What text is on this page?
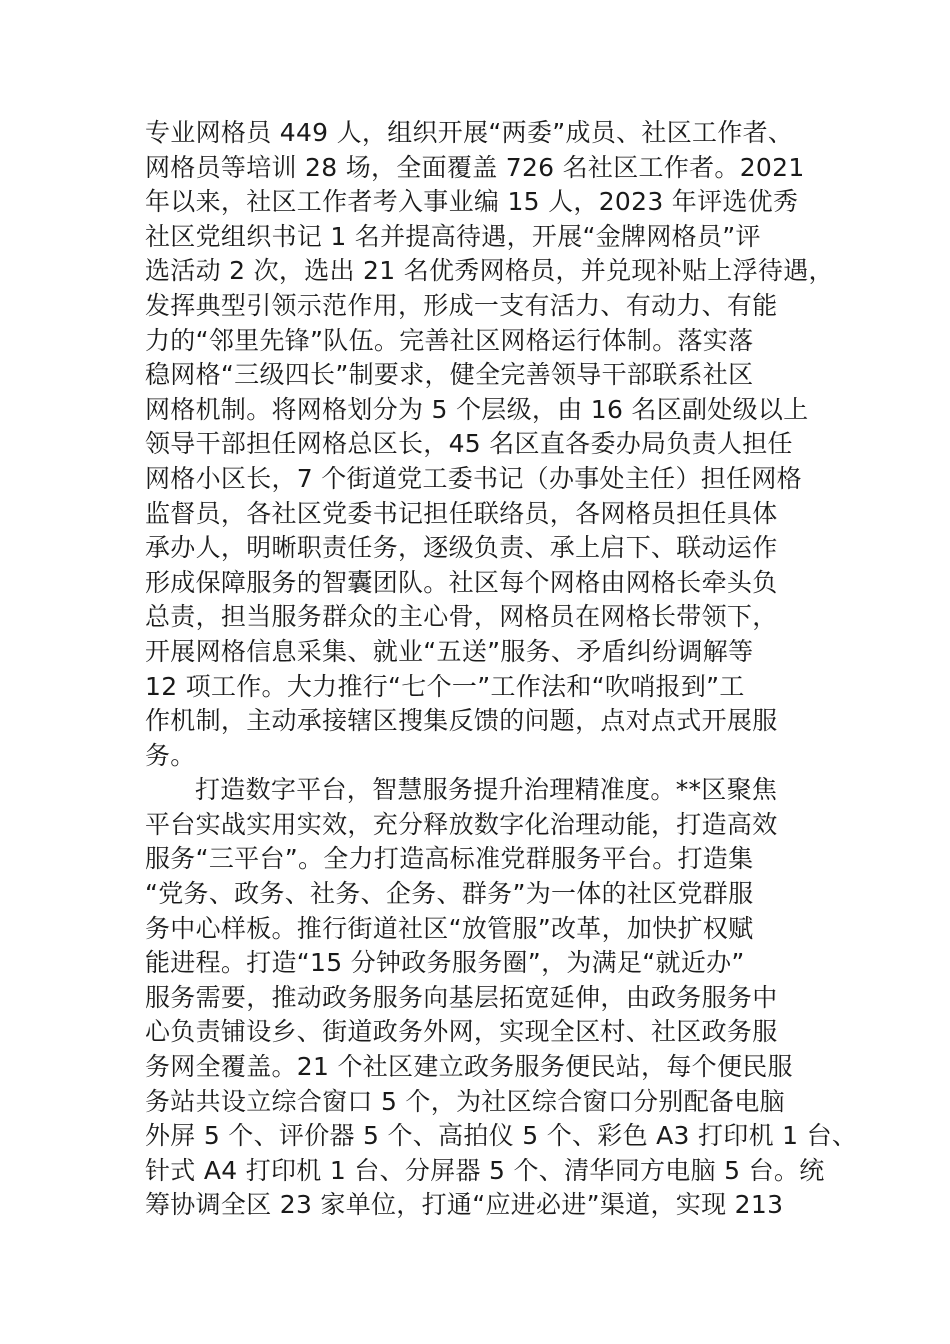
专业网格员 449 人，组织开展“两委”成员、社区工作者、
网格员等培训 28 场，全面覆盖 726 名社区工作者。2021
年以来，社区工作者考入事业编 15 人，2023 年评选优秀
社区党组织书记 1 名并提高待遇，开展“金牌网格员”评
选活动 2 次，选出 21 名优秀网格员，并兑现补贴上浮待遇，
发挥典型引领示范作用，形成一支有活力、有动力、有能
力的“邻里先锋”队伍。完善社区网格运行体制。落实落
稳网格“三级四长”制要求，健全完善领导干部联系社区
网格机制。将网格划分为 5 个层级，由 16 名区副处级以上
领导干部担任网格总区长，45 名区直各委办局负责人担任
网格小区长，7 个街道党工委书记（办事处主任）担任网格
监督员，各社区党委书记担任联络员，各网格员担任具体
承办人，明晰职责任务，逐级负责、承上启下、联动运作
形成保障服务的智囊团队。社区每个网格由网格长牵头负
总责，担当服务群众的主心骨，网格员在网格长带领下，
开展网格信息采集、就业“五送”服务、矛盾纠纷调解等
12 项工作。大力推行“七个一”工作法和“吹哨报到”工
作机制，主动承接辖区搜集反馈的问题，点对点式开展服
务。
打造数字平台，智慧服务提升治理精准度。**区聚焦
平台实战实用实效，充分释放数字化治理动能，打造高效
服务“三平台”。全力打造高标准党群服务平台。打造集
“党务、政务、社务、企务、群务”为一体的社区党群服
务中心样板。推行街道社区“放管服”改革，加快扩权赋
能进程。打造“15 分钟政务服务圈”，为满足“就近办”
服务需要，推动政务服务向基层拓宽延伸，由政务服务中
心负责铺设乡、街道政务外网，实现全区村、社区政务服
务网全覆盖。21 个社区建立政务服务便民站，每个便民服
务站共设立综合窗口 5 个，为社区综合窗口分别配备电脑
外屏 5 个、评价器 5 个、高拍仪 5 个、彩色 A3 打印机 1 台、
针式 A4 打印机 1 台、分屏器 5 个、清华同方电脑 5 台。统
筹协调全区 23 家单位，打通“应进必进”渠道，实现 213
